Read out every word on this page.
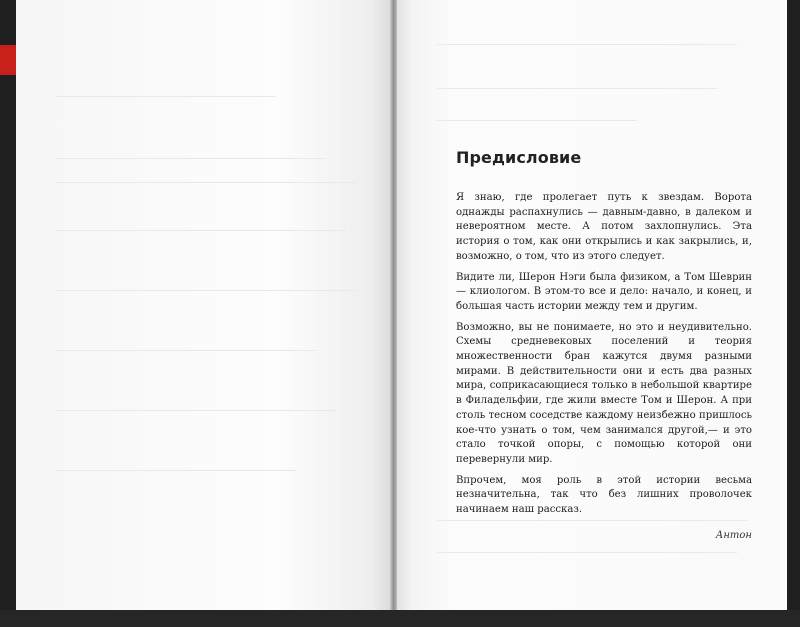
Предисловие

Я знаю, где пролегает путь к звездам. Ворота однажды распахнулись — давным-давно, в далеком и невероятном месте. А потом захлопнулись. Эта история о том, как они открылись и как закрылись, и, возможно, о том, что из этого следует.

Видите ли, Шерон Нэги была физиком, а Том Шеврин — клиологом. В этом-то все и дело: начало, и конец, и большая часть истории между тем и другим.

Возможно, вы не понимаете, но это и неудивительно. Схемы средневековых поселений и теория множественности бран кажутся двумя разными мирами. В действительности они и есть два разных мира, соприкасающиеся только в небольшой квартире в Филадельфии, где жили вместе Том и Шерон. А при столь тесном соседстве каждому неизбежно пришлось кое-что узнать о том, чем занимался другой,— и это стало точкой опоры, с помощью которой они перевернули мир.

Впрочем, моя роль в этой истории весьма незначительна, так что без лишних проволочек начинаем наш рассказ.

Антон
